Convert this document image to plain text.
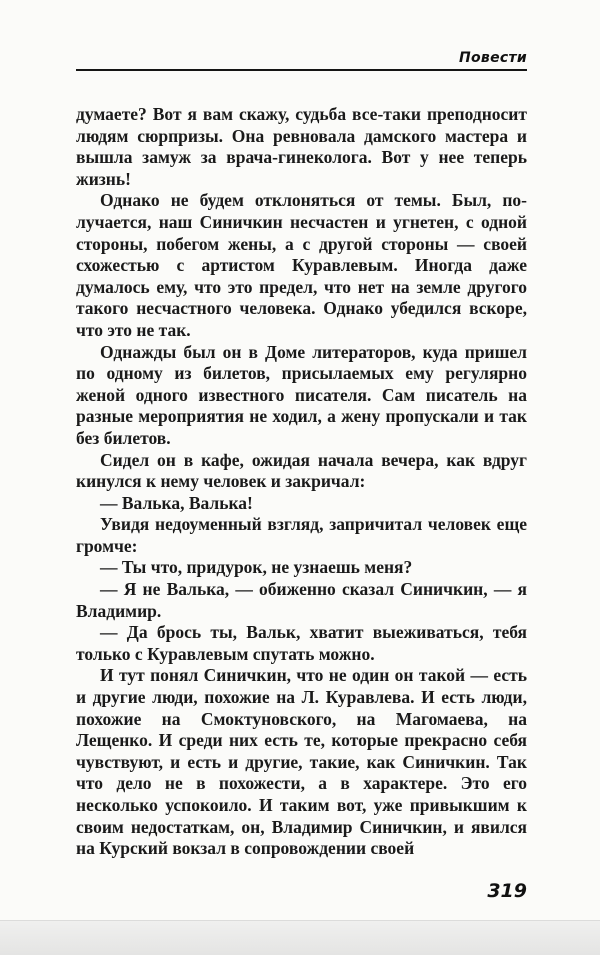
Повести

думаете? Вот я вам скажу, судьба все-таки преподносит людям сюрпризы. Она ревновала дамского мастера и вышла замуж за врача-гинеколога. Вот у нее теперь жизнь!

Однако не будем отклоняться от темы. Был, получается, наш Синичкин несчастен и угнетен, с одной стороны, побегом жены, а с другой стороны — своей схожестью с артистом Куравлевым. Иногда даже думалось ему, что это предел, что нет на земле другого такого несчастного человека. Однако убедился вскоре, что это не так.

Однажды был он в Доме литераторов, куда пришел по одному из билетов, присылаемых ему регулярно женой одного известного писателя. Сам писатель на разные мероприятия не ходил, а жену пропускали и так без билетов.

Сидел он в кафе, ожидая начала вечера, как вдруг кинулся к нему человек и закричал:

— Валька, Валька!

Увидя недоуменный взгляд, запричитал человек еще громче:

— Ты что, придурок, не узнаешь меня?

— Я не Валька, — обиженно сказал Синичкин, — я Владимир.

— Да брось ты, Вальк, хватит выеживаться, тебя только с Куравлевым спутать можно.

И тут понял Синичкин, что не один он такой — есть и другие люди, похожие на Л. Куравлева. И есть люди, похожие на Смоктуновского, на Магомаева, на Лещенко. И среди них есть те, которые прекрасно себя чувствуют, и есть и другие, такие, как Синичкин. Так что дело не в похожести, а в характере. Это его несколько успокоило. И таким вот, уже привыкшим к своим недостаткам, он, Владимир Синичкин, и явился на Курский вокзал в сопровождении своей

319
